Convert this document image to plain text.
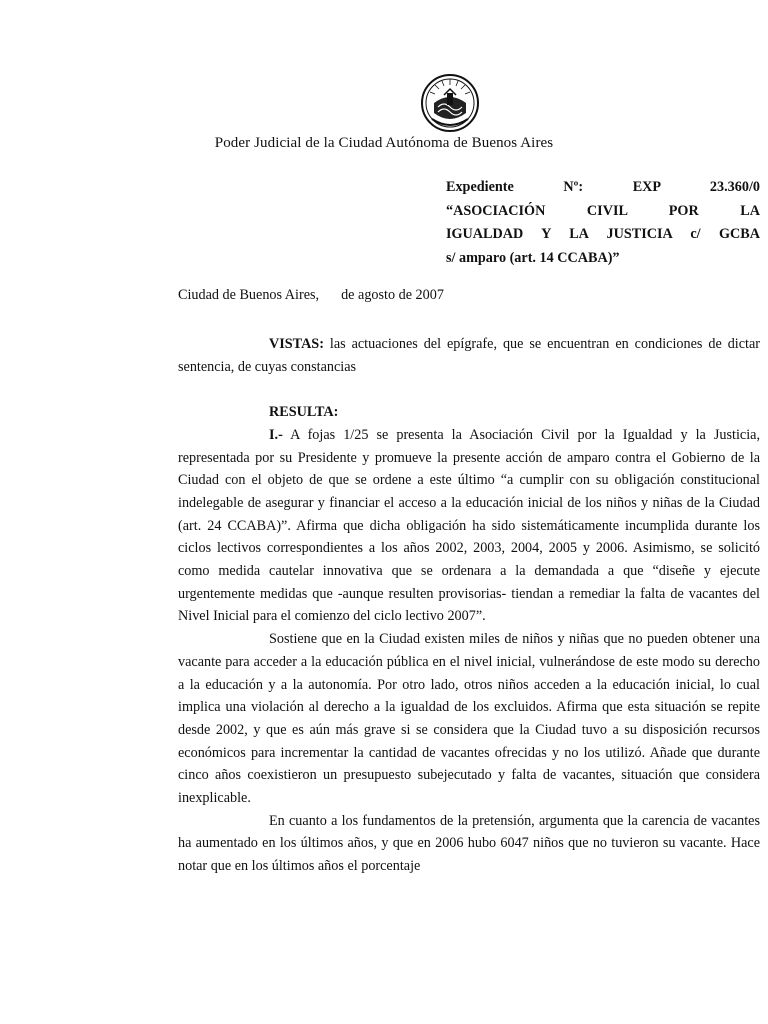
Poder Judicial de la Ciudad Autónoma de Buenos Aires
Expediente Nº: EXP 23.360/0
“ASOCIACIÓN CIVIL POR LA
IGUALDAD Y LA JUSTICIA c/ GCBA
s/ amparo (art. 14 CCABA)”
Ciudad de Buenos Aires, de agosto de 2007

VISTAS: las actuaciones del epígrafe, que se encuentran en condiciones de dictar sentencia, de cuyas constancias

RESULTA:

I.- A fojas 1/25 se presenta la Asociación Civil por la Igualdad y la Justicia, representada por su Presidente y promueve la presente acción de amparo contra el Gobierno de la Ciudad con el objeto de que se ordene a este último “a cumplir con su obligación constitucional indelegable de asegurar y financiar el acceso a la educación inicial de los niños y niñas de la Ciudad (art. 24 CCABA)”. Afirma que dicha obligación ha sido sistemáticamente incumplida durante los ciclos lectivos correspondientes a los años 2002, 2003, 2004, 2005 y 2006. Asimismo, se solicitó como medida cautelar innovativa que se ordenara a la demandada a que “diseñe y ejecute urgentemente medidas que -aunque resulten provisorias- tiendan a remediar la falta de vacantes del Nivel Inicial para el comienzo del ciclo lectivo 2007”.

Sostiene que en la Ciudad existen miles de niños y niñas que no pueden obtener una vacante para acceder a la educación pública en el nivel inicial, vulnerándose de este modo su derecho a la educación y a la autonomía. Por otro lado, otros niños acceden a la educación inicial, lo cual implica una violación al derecho a la igualdad de los excluidos. Afirma que esta situación se repite desde 2002, y que es aún más grave si se considera que la Ciudad tuvo a su disposición recursos económicos para incrementar la cantidad de vacantes ofrecidas y no los utilizó. Añade que durante cinco años coexistieron un presupuesto subejecutado y falta de vacantes, situación que considera inexplicable.

En cuanto a los fundamentos de la pretensión, argumenta que la carencia de vacantes ha aumentado en los últimos años, y que en 2006 hubo 6047 niños que no tuvieron su vacante. Hace notar que en los últimos años el porcentaje
